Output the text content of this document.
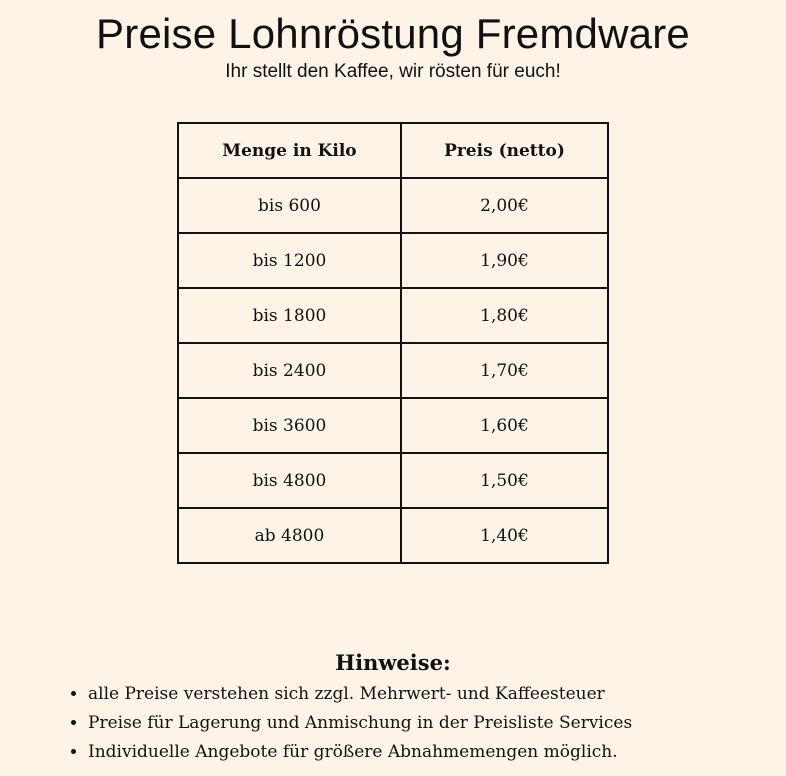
Preise Lohnröstung Fremdware
Ihr stellt den Kaffee, wir rösten für euch!
Menge in Kilo	Preis (netto)
bis 600	2,00€
bis 1200	1,90€
bis 1800	1,80€
bis 2400	1,70€
bis 3600	1,60€
bis 4800	1,50€
ab 4800	1,40€
Hinweise:
• alle Preise verstehen sich zzgl. Mehrwert- und Kaffeesteuer
• Preise für Lagerung und Anmischung in der Preisliste Services
• Individuelle Angebote für größere Abnahmemengen möglich.
